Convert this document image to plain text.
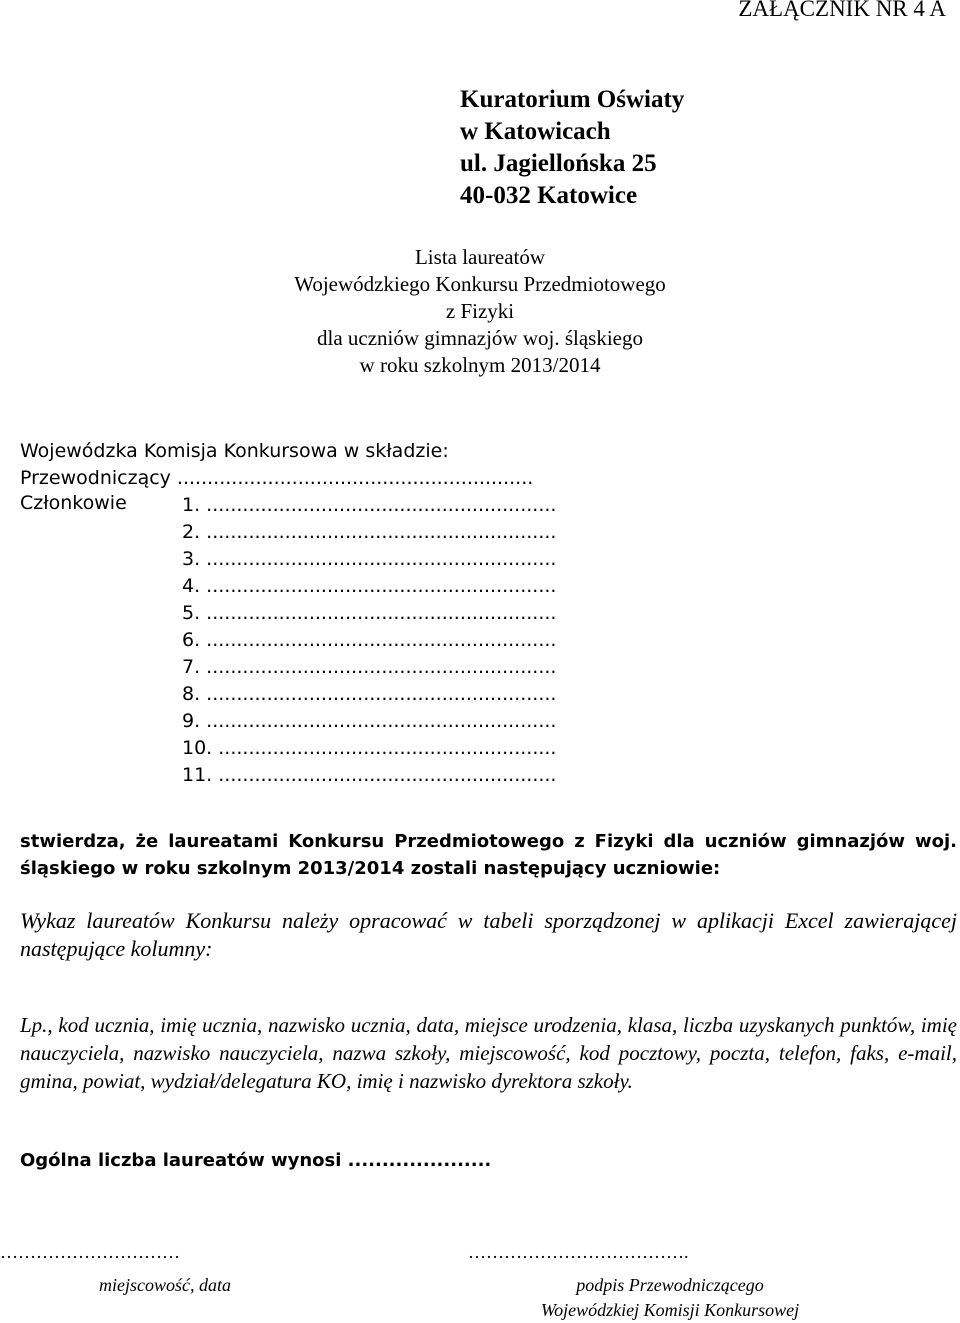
ZAŁĄCZNIK NR 4 A
Kuratorium Oświaty
w Katowicach
ul. Jagiellońska 25
40-032 Katowice
Lista laureatów
Wojewódzkiego Konkursu Przedmiotowego
z Fizyki
dla uczniów gimnazjów woj. śląskiego
w roku szkolnym 2013/2014
Wojewódzka Komisja Konkursowa w składzie:
Przewodniczący ...........................................................
Członkowie	1. ..........................................................
2. ..........................................................
3. ..........................................................
4. ..........................................................
5. ..........................................................
6. ..........................................................
7. ..........................................................
8. ..........................................................
9. ..........................................................
10. ........................................................
11. ........................................................
stwierdza, że laureatami Konkursu Przedmiotowego z Fizyki dla uczniów gimnazjów woj. śląskiego w roku szkolnym 2013/2014 zostali następujący uczniowie:
Wykaz laureatów Konkursu należy opracować w tabeli sporządzonej w aplikacji Excel zawierającej następujące kolumny:
Lp., kod ucznia, imię ucznia, nazwisko ucznia, data, miejsce urodzenia, klasa, liczba uzyskanych punktów, imię nauczyciela, nazwisko nauczyciela, nazwa szkoły, miejscowość, kod pocztowy, poczta, telefon, faks, e-mail, gmina, powiat, wydział/delegatura KO, imię i nazwisko dyrektora szkoły.
Ogólna liczba laureatów wynosi .....................
…………………………
miejscowość, data
……………………………….
podpis Przewodniczącego
Wojewódzkiej Komisji Konkursowej
